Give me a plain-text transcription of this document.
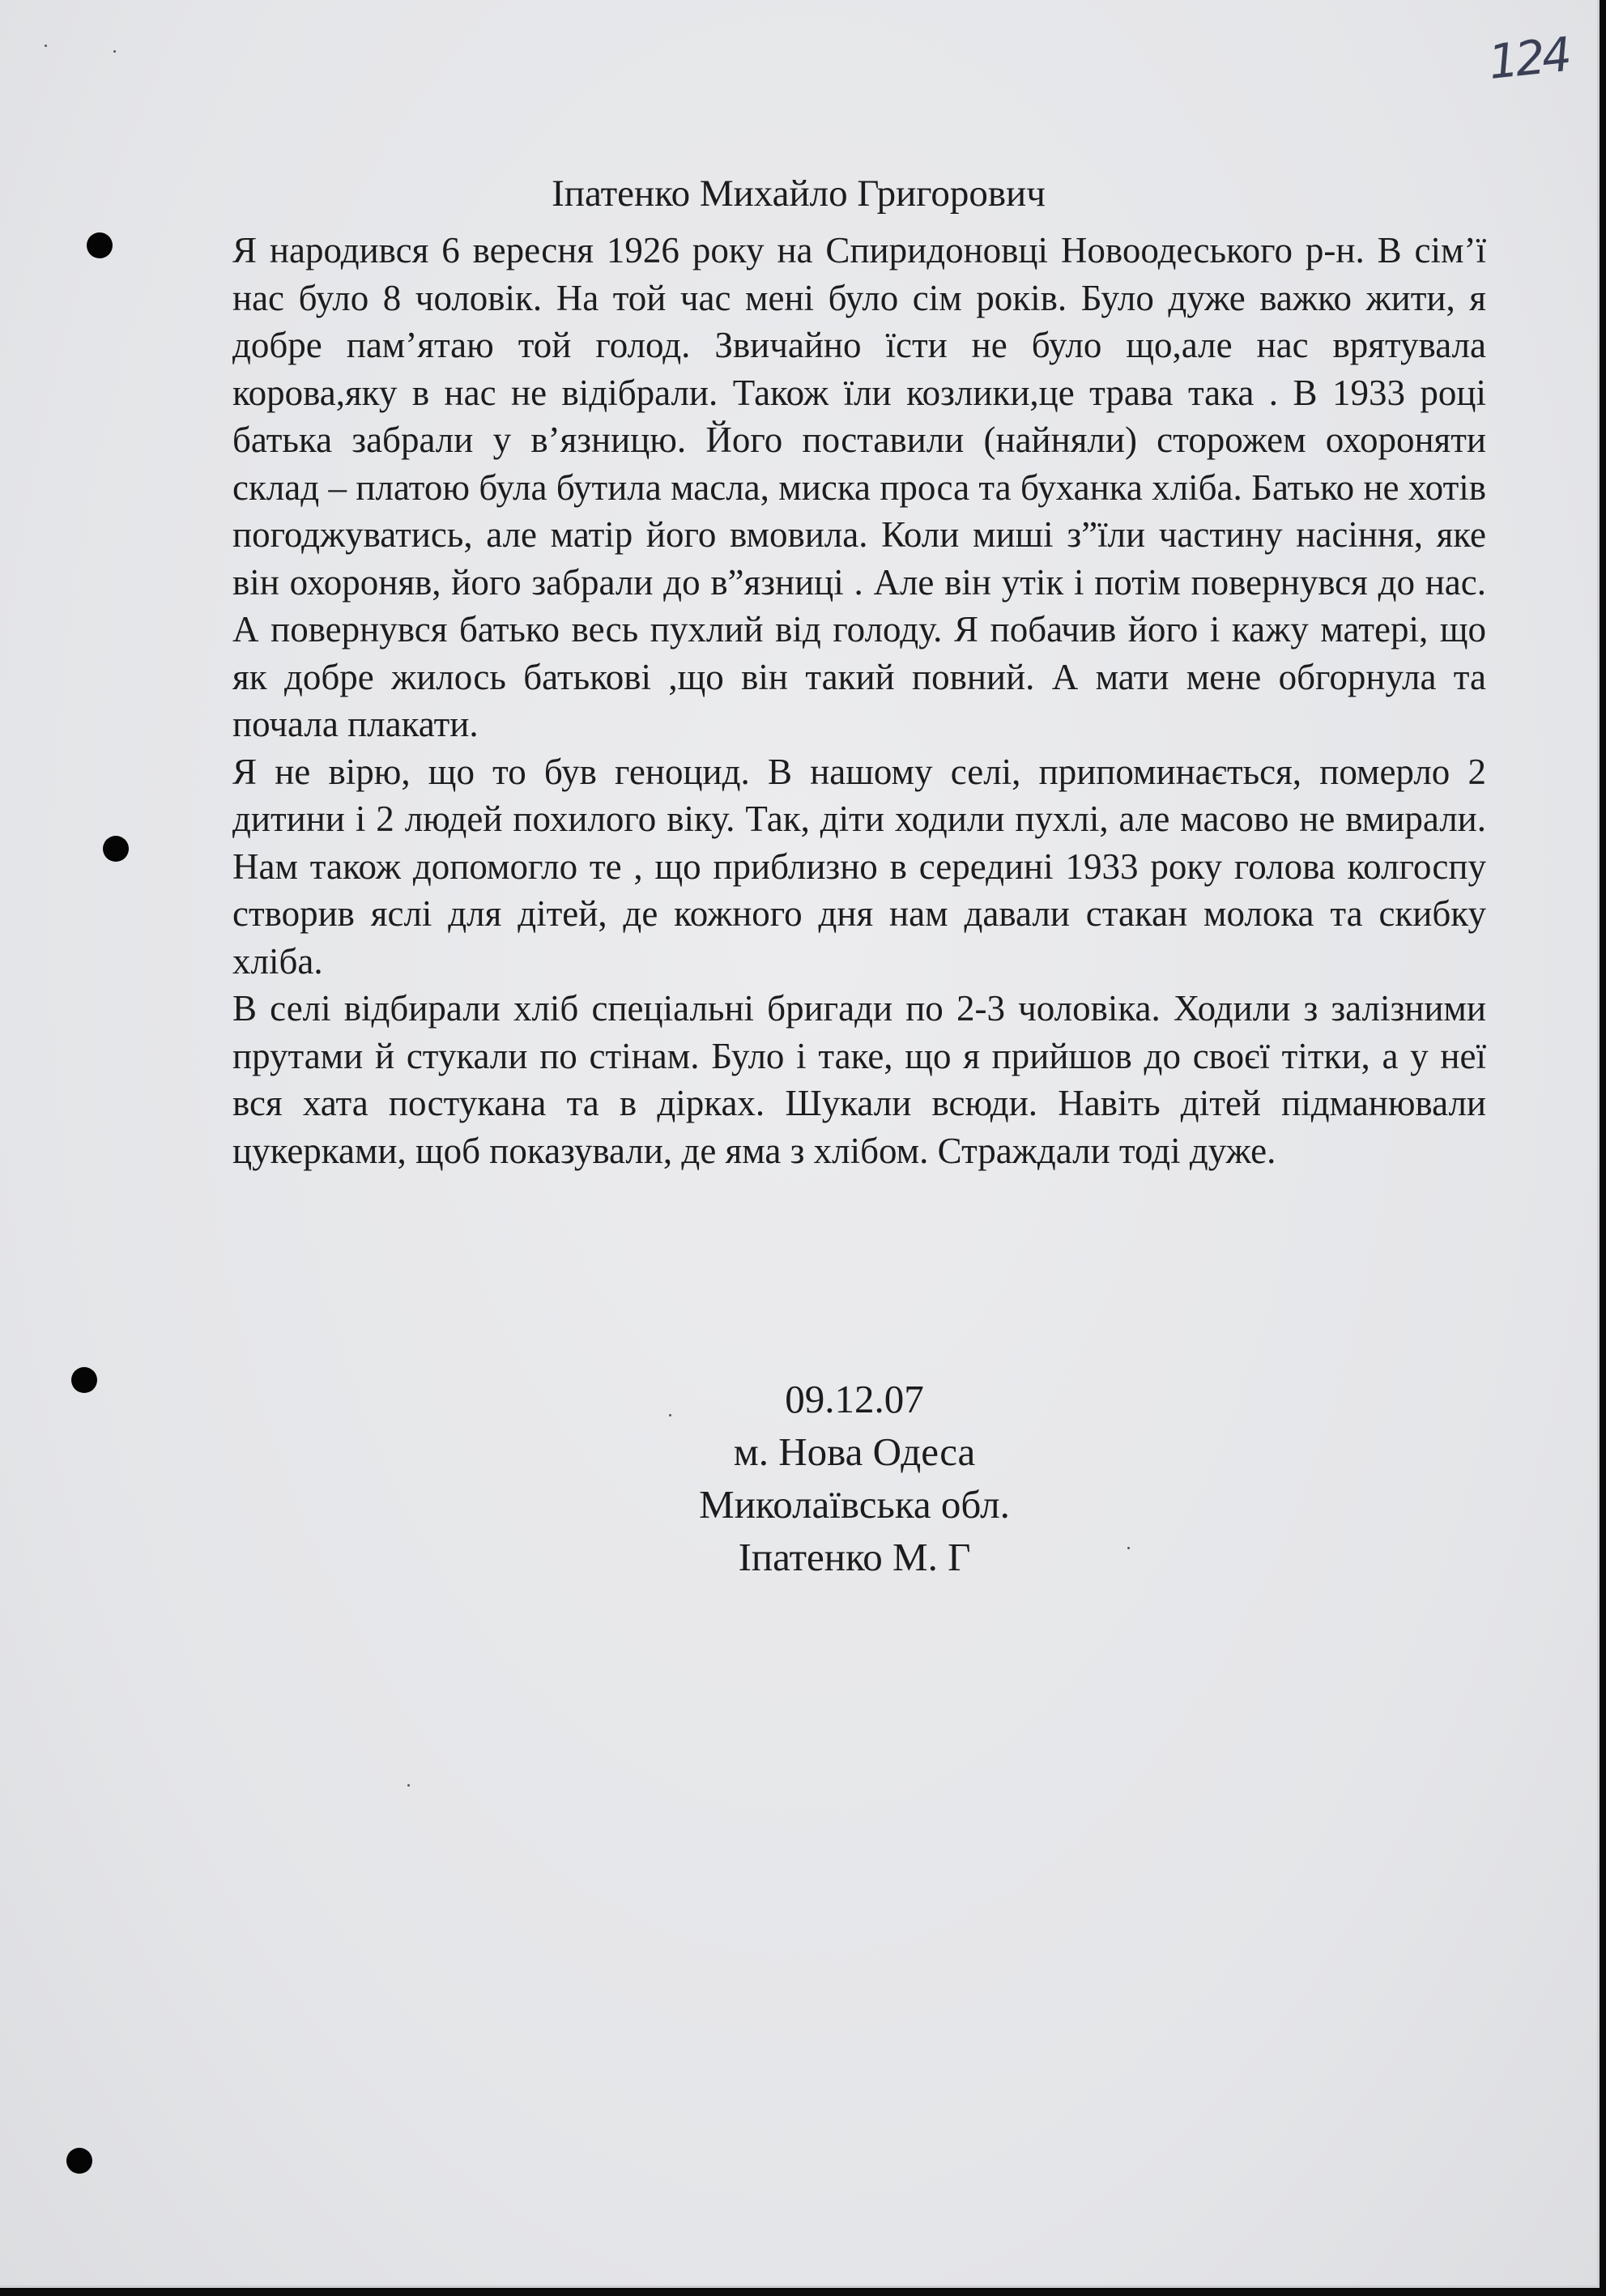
124
Іпатенко Михайло Григорович

Я народився 6 вересня 1926 року на Спиридоновці Новоодеського р-н. В сім’ї нас було 8 чоловік. На той час мені було сім років. Було дуже важко жити, я добре пам’ятаю той голод. Звичайно їсти не було що,але нас врятувала корова,яку в нас не відібрали. Також їли козлики,це трава така . В 1933 році батька забрали у в’язницю. Його поставили (найняли) сторожем охороняти склад – платою була бутила масла, миска проса та буханка хліба. Батько не хотів погоджуватись, але матір його вмовила. Коли миші з”їли частину насіння, яке він охороняв, його забрали до в”язниці . Але він утік і потім повернувся до нас. А повернувся батько весь пухлий від голоду. Я побачив його і кажу матері, що як добре жилось батькові ,що він такий повний. А мати мене обгорнула та почала плакати.

Я не вірю, що то був геноцид. В нашому селі, припоминається, померло 2 дитини і 2 людей похилого віку. Так, діти ходили пухлі, але масово не вмирали. Нам також допомогло те , що приблизно в середині 1933 року голова колгоспу створив яслі для дітей, де кожного дня нам давали стакан молока та скибку хліба.

В селі відбирали хліб спеціальні бригади по 2-3 чоловіка. Ходили з залізними прутами й стукали по стінам. Було і таке, що я прийшов до своєї тітки, а у неї вся хата постукана та в дірках. Шукали всюди. Навіть дітей підманювали цукерками, щоб показували, де яма з хлібом. Страждали тоді дуже.

09.12.07
м. Нова Одеса
Миколаївська обл.
Іпатенко М. Г
